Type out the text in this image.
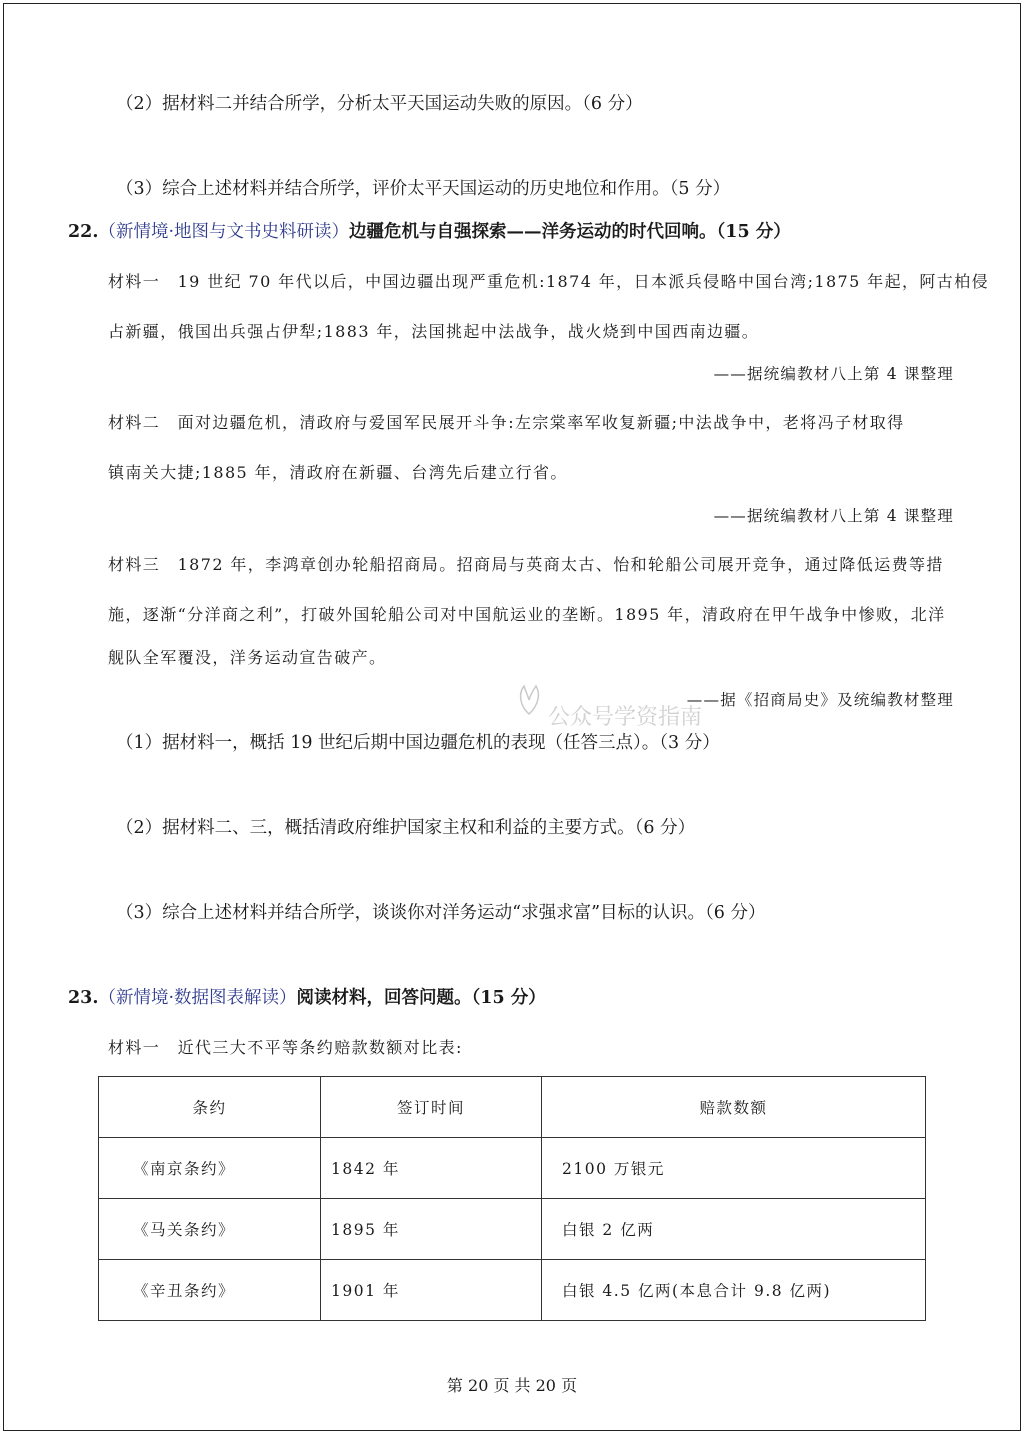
（2）据材料二并结合所学，分析太平天国运动失败的原因。（6 分）
（3）综合上述材料并结合所学，评价太平天国运动的历史地位和作用。（5 分）
22.（新情境·地图与文书史料研读）边疆危机与自强探索——洋务运动的时代回响。（15 分）
材料一　19 世纪 70 年代以后，中国边疆出现严重危机:1874 年，日本派兵侵略中国台湾;1875 年起，阿古柏侵
占新疆，俄国出兵强占伊犁;1883 年，法国挑起中法战争，战火烧到中国西南边疆。
——据统编教材八上第 4 课整理
材料二　面对边疆危机，清政府与爱国军民展开斗争:左宗棠率军收复新疆;中法战争中，老将冯子材取得
镇南关大捷;1885 年，清政府在新疆、台湾先后建立行省。
——据统编教材八上第 4 课整理
材料三　1872 年，李鸿章创办轮船招商局。招商局与英商太古、怡和轮船公司展开竞争，通过降低运费等措
施，逐渐“分洋商之利”，打破外国轮船公司对中国航运业的垄断。1895 年，清政府在甲午战争中惨败，北洋
舰队全军覆没，洋务运动宣告破产。
——据《招商局史》及统编教材整理
公众号学资指南
（1）据材料一，概括 19 世纪后期中国边疆危机的表现（任答三点）。（3 分）
（2）据材料二、三，概括清政府维护国家主权和利益的主要方式。（6 分）
（3）综合上述材料并结合所学，谈谈你对洋务运动“求强求富”目标的认识。（6 分）
23.（新情境·数据图表解读）阅读材料，回答问题。（15 分）
材料一　近代三大不平等条约赔款数额对比表:
条约	签订时间	赔款数额
《南京条约》	1842 年	2100 万银元
《马关条约》	1895 年	白银 2 亿两
《辛丑条约》	1901 年	白银 4.5 亿两(本息合计 9.8 亿两)
第 20 页 共 20 页
